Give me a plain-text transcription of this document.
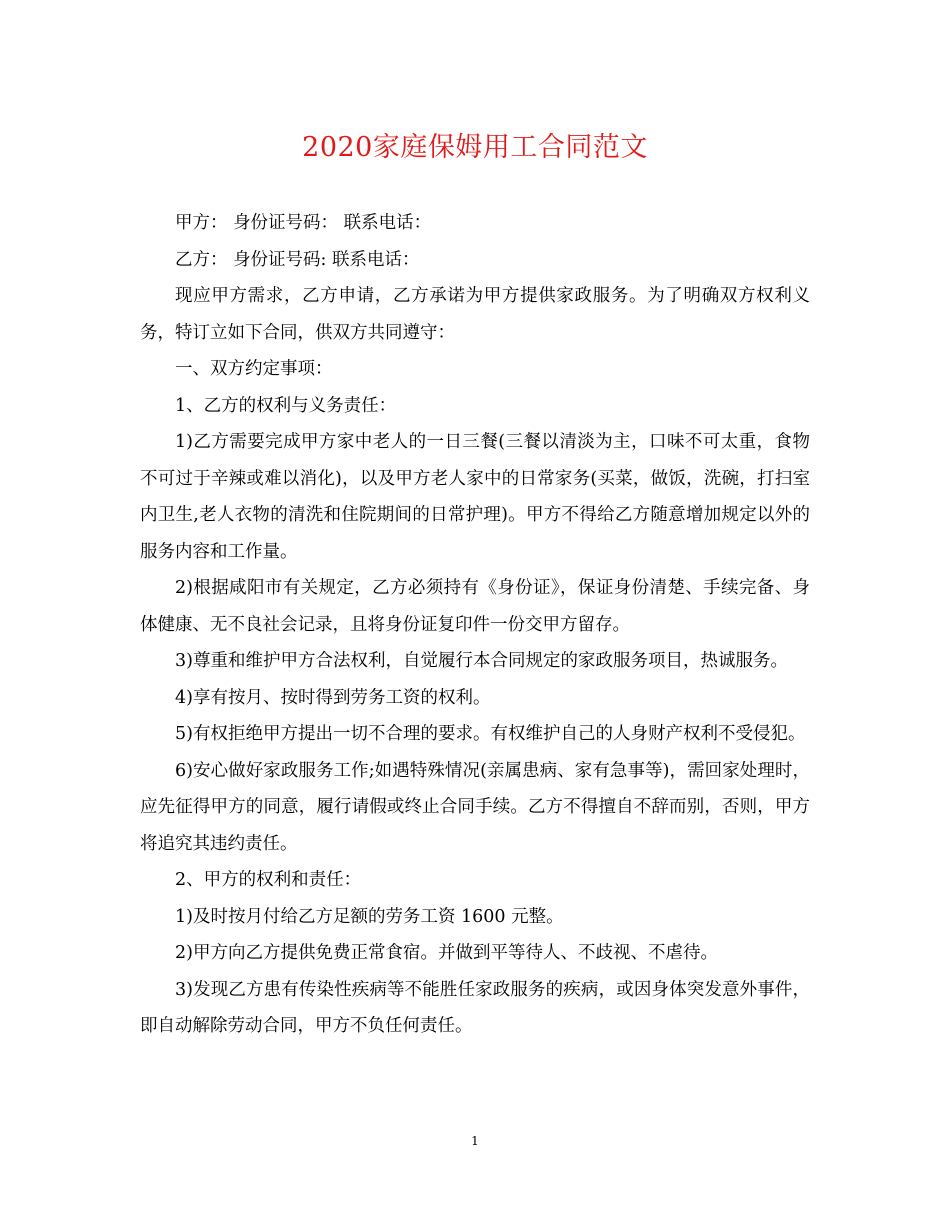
2020家庭保姆用工合同范文

甲方： 身份证号码： 联系电话：

乙方： 身份证号码: 联系电话：

现应甲方需求，乙方申请，乙方承诺为甲方提供家政服务。为了明确双方权利义务，特订立如下合同，供双方共同遵守：

一、双方约定事项：

1、乙方的权利与义务责任：

1)乙方需要完成甲方家中老人的一日三餐(三餐以清淡为主，口味不可太重，食物不可过于辛辣或难以消化)，以及甲方老人家中的日常家务(买菜，做饭，洗碗，打扫室内卫生,老人衣物的清洗和住院期间的日常护理)。甲方不得给乙方随意增加规定以外的服务内容和工作量。

2)根据咸阳市有关规定，乙方必须持有《身份证》，保证身份清楚、手续完备、身体健康、无不良社会记录，且将身份证复印件一份交甲方留存。

3)尊重和维护甲方合法权利，自觉履行本合同规定的家政服务项目，热诚服务。

4)享有按月、按时得到劳务工资的权利。

5)有权拒绝甲方提出一切不合理的要求。有权维护自己的人身财产权利不受侵犯。

6)安心做好家政服务工作;如遇特殊情况(亲属患病、家有急事等)，需回家处理时，应先征得甲方的同意，履行请假或终止合同手续。乙方不得擅自不辞而别，否则，甲方将追究其违约责任。

2、甲方的权利和责任：

1)及时按月付给乙方足额的劳务工资 1600 元整。

2)甲方向乙方提供免费正常食宿。并做到平等待人、不歧视、不虐待。

3)发现乙方患有传染性疾病等不能胜任家政服务的疾病，或因身体突发意外事件，即自动解除劳动合同，甲方不负任何责任。

1
